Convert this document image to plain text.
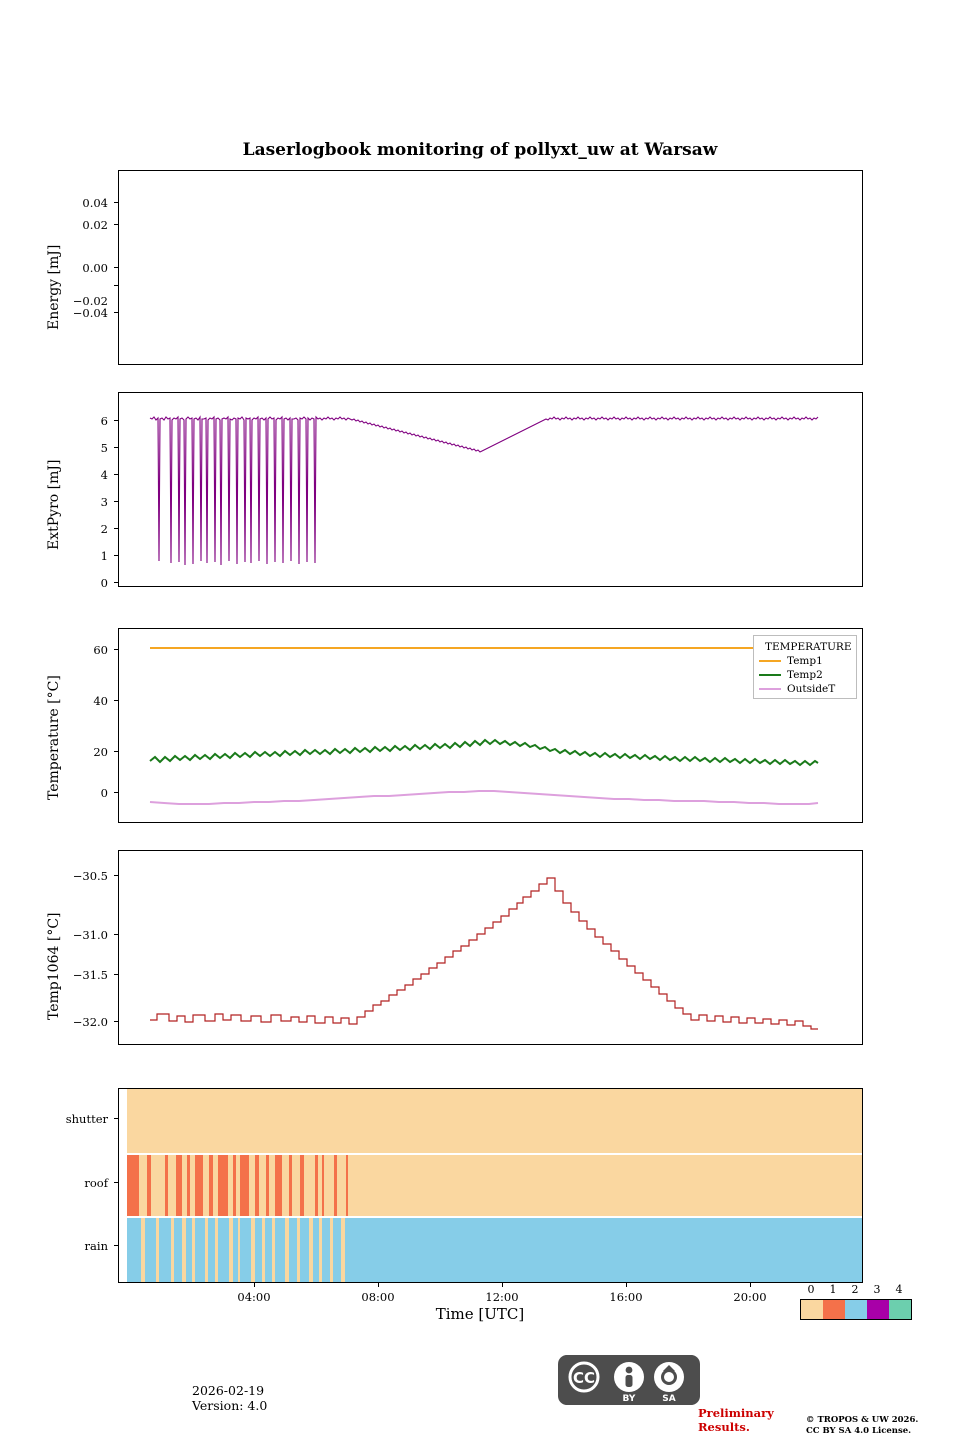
Laserlogbook monitoring of pollyxt_uw at Warsaw
Energy [mJ] −0.04
−0.02
0.00
0.02
0.04
ExtPyro [mJ]
0
1
2
3
4
5
6
Temperature [°C]	0
20
40
60	TEMPERATURE
Temp1
Temp2
OutsideT
Temp1064 [°C]
−32.0
−31.5
−31.0
−30.5
shutter
roof
rain
04:00	08:00	12:00	16:00	20:00
Time [UTC]
0	1	2	3	4
2026-02-19
Version: 4.0
CC
BY	SA
Preliminary
Results.
© TROPOS & UW 2026.
CC BY SA 4.0 License.
